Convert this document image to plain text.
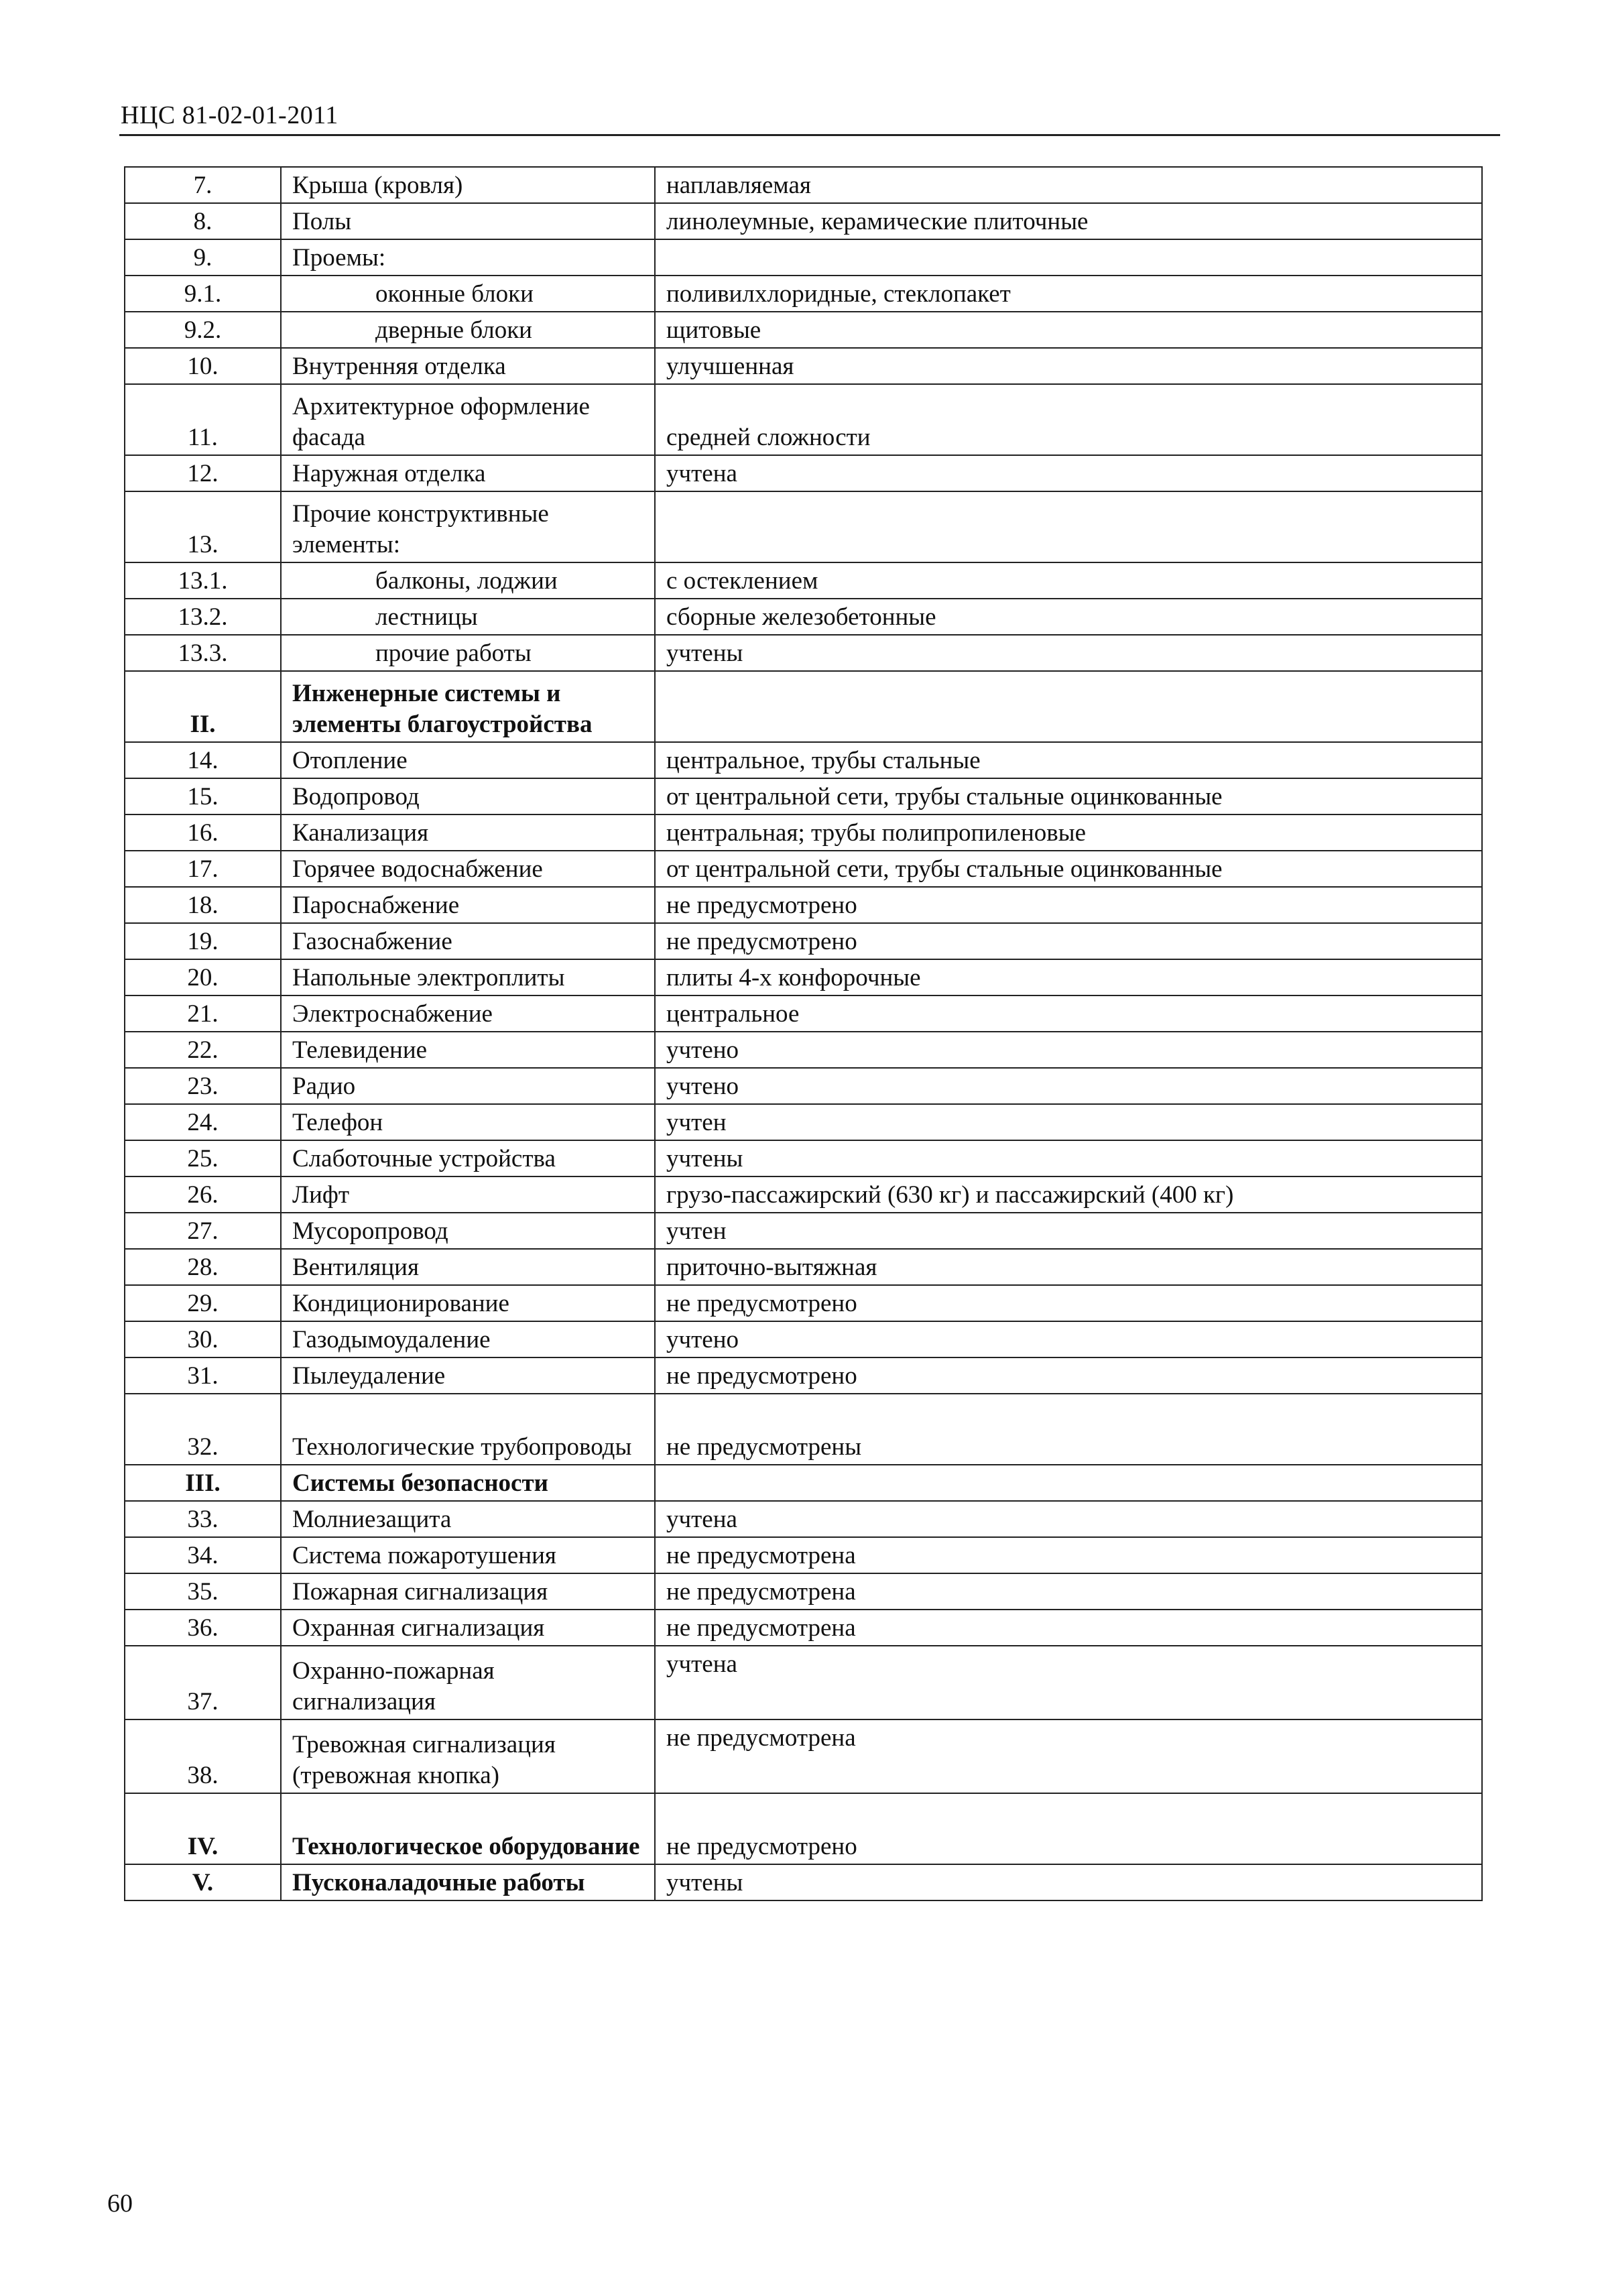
НЦС 81-02-01-2011
7.	Крыша (кровля)	наплавляемая
8.	Полы	линолеумные, керамические плиточные
9.	Проемы:	
9.1.	оконные блоки	поливилхлоридные, стеклопакет
9.2.	дверные блоки	щитовые
10.	Внутренняя отделка	улучшенная
11.	Архитектурное оформление фасада	средней сложности
12.	Наружная отделка	учтена
13.	Прочие конструктивные элементы:	
13.1.	балконы, лоджии	с остеклением
13.2.	лестницы	сборные железобетонные
13.3.	прочие работы	учтены
II.	Инженерные системы и элементы благоустройства	
14.	Отопление	центральное, трубы стальные
15.	Водопровод	от центральной сети, трубы стальные оцинкованные
16.	Канализация	центральная; трубы полипропиленовые
17.	Горячее водоснабжение	от центральной сети, трубы стальные оцинкованные
18.	Пароснабжение	не предусмотрено
19.	Газоснабжение	не предусмотрено
20.	Напольные электроплиты	плиты 4-х конфорочные
21.	Электроснабжение	центральное
22.	Телевидение	учтено
23.	Радио	учтено
24.	Телефон	учтен
25.	Слаботочные устройства	учтены
26.	Лифт	грузо-пассажирский (630 кг) и пассажирский (400 кг)
27.	Мусоропровод	учтен
28.	Вентиляция	приточно-вытяжная
29.	Кондиционирование	не предусмотрено
30.	Газодымоудаление	учтено
31.	Пылеудаление	не предусмотрено
32.	Технологические трубопроводы	не предусмотрены
III.	Системы безопасности	
33.	Молниезащита	учтена
34.	Система пожаротушения	не предусмотрена
35.	Пожарная сигнализация	не предусмотрена
36.	Охранная сигнализация	не предусмотрена
37.	Охранно-пожарная сигнализация	учтена
38.	Тревожная сигнализация (тревожная кнопка)	не предусмотрена
IV.	Технологическое оборудование	не предусмотрено
V.	Пусконаладочные работы	учтены
60
